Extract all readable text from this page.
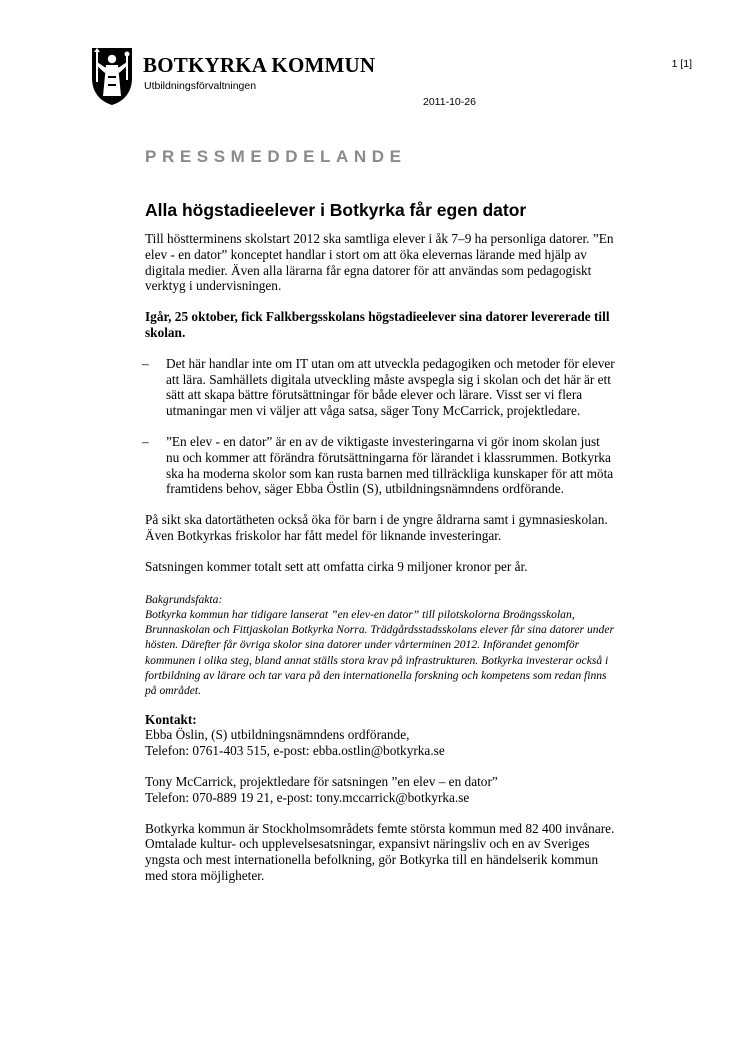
BOTKYRKA KOMMUN
Utbildningsförvaltningen
1 [1]
2011-10-26
PRESSMEDDELANDE
Alla högstadieelever i Botkyrka får egen dator

Till höstterminens skolstart 2012 ska samtliga elever i åk 7–9 ha personliga datorer. ”En elev - en dator” konceptet handlar i stort om att öka elevernas lärande med hjälp av digitala medier. Även alla lärarna får egna datorer för att användas som pedagogiskt verktyg i undervisningen.

Igår, 25 oktober, fick Falkbergsskolans högstadieelever sina datorer levererade till skolan.

– Det här handlar inte om IT utan om att utveckla pedagogiken och metoder för elever att lära. Samhällets digitala utveckling måste avspegla sig i skolan och det här är ett sätt att skapa bättre förutsättningar för både elever och lärare. Visst ser vi flera utmaningar men vi väljer att våga satsa, säger Tony McCarrick, projektledare.
– ”En elev - en dator” är en av de viktigaste investeringarna vi gör inom skolan just nu och kommer att förändra förutsättningarna för lärandet i klassrummen. Botkyrka ska ha moderna skolor som kan rusta barnen med tillräckliga kunskaper för att möta framtidens behov, säger Ebba Östlin (S), utbildningsnämndens ordförande.

På sikt ska datortätheten också öka för barn i de yngre åldrarna samt i gymnasieskolan. Även Botkyrkas friskolor har fått medel för liknande investeringar.

Satsningen kommer totalt sett att omfatta cirka 9 miljoner kronor per år.

Bakgrundsfakta:
Botkyrka kommun har tidigare lanserat ”en elev-en dator” till pilotskolorna Broängsskolan, Brunnaskolan och Fittjaskolan Botkyrka Norra. Trädgårdsstadsskolans elever får sina datorer under hösten. Därefter får övriga skolor sina datorer under vårterminen 2012. Införandet genomför kommunen i olika steg, bland annat ställs stora krav på infrastrukturen. Botkyrka investerar också i fortbildning av lärare och tar vara på den internationella forskning och kompetens som redan finns på området.
Kontakt:
Ebba Öslin, (S) utbildningsnämndens ordförande,
Telefon: 0761-403 515, e-post: ebba.ostlin@botkyrka.se
Tony McCarrick, projektledare för satsningen ”en elev – en dator”
Telefon: 070-889 19 21, e-post: tony.mccarrick@botkyrka.se

Botkyrka kommun är Stockholmsområdets femte största kommun med 82 400 invånare. Omtalade kultur- och upplevelsesatsningar, expansivt näringsliv och en av Sveriges yngsta och mest internationella befolkning, gör Botkyrka till en händelserik kommun med stora möjligheter.
